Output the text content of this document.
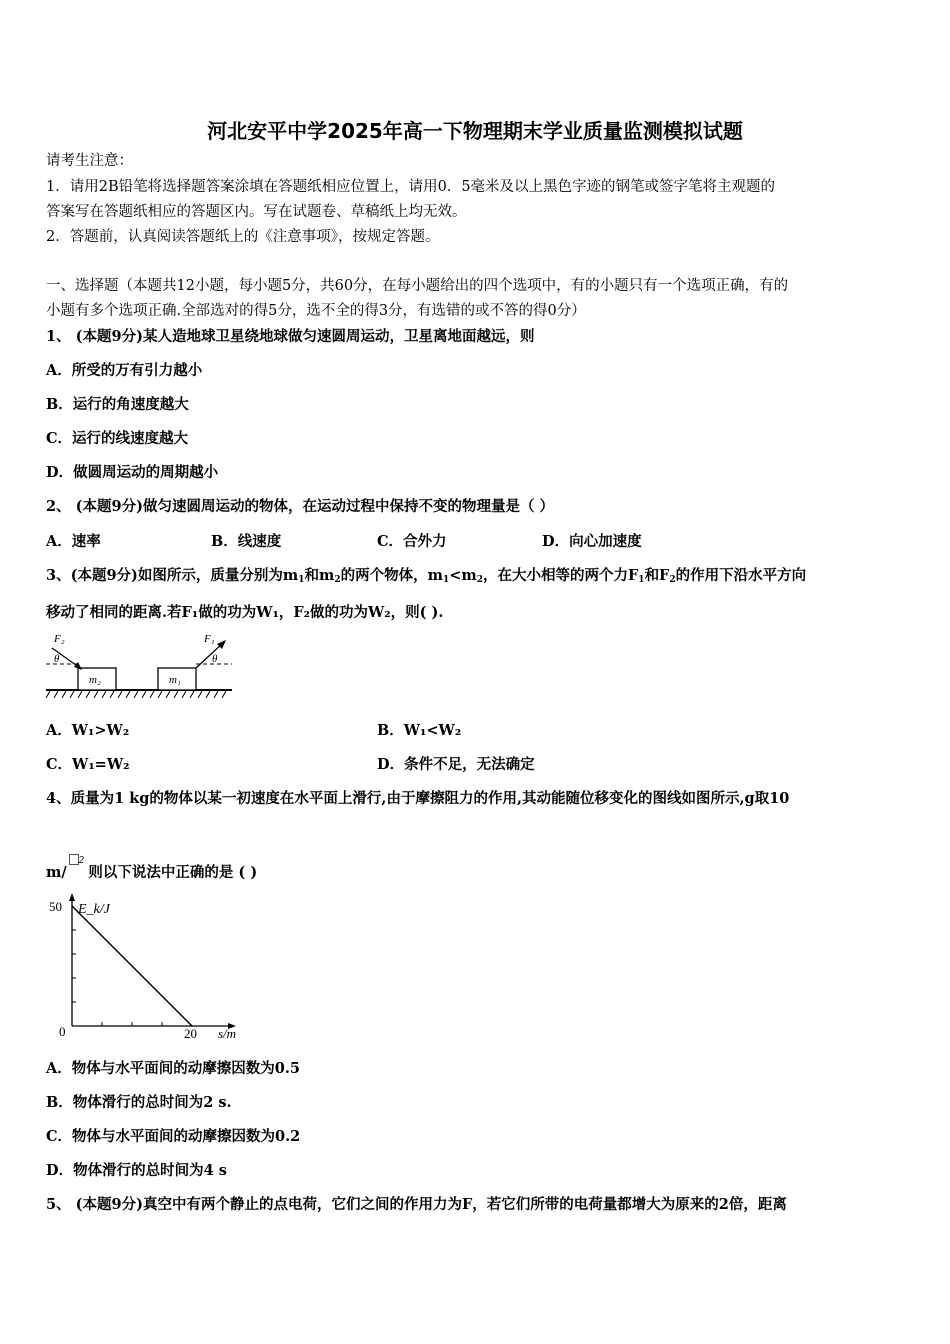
河北安平中学2025年高一下物理期末学业质量监测模拟试题
请考生注意：
1．请用2B铅笔将选择题答案涂填在答题纸相应位置上，请用0．5毫米及以上黑色字迹的钢笔或签字笔将主观题的
答案写在答题纸相应的答题区内。写在试题卷、草稿纸上均无效。
2．答题前，认真阅读答题纸上的《注意事项》，按规定答题。
一、选择题（本题共12小题，每小题5分，共60分，在每小题给出的四个选项中，有的小题只有一个选项正确，有的
小题有多个选项正确.全部选对的得5分，选不全的得3分，有选错的或不答的得0分）
1、 (本题9分)某人造地球卫星绕地球做匀速圆周运动，卫星离地面越远，则
A．所受的万有引力越小
B．运行的角速度越大
C．运行的线速度越大
D．做圆周运动的周期越小
2、 (本题9分)做匀速圆周运动的物体，在运动过程中保持不变的物理量是（ ）
A．速率	B．线速度	C．合外力	D．向心加速度
3、(本题9分)如图所示，质量分别为$m_1$和$m_2$的两个物体，$m_1<m_2$，在大小相等的两个力$F_1$和$F_2$的作用下沿水平方向
移动了相同的距离.若F₁做的功为W₁，F₂做的功为W₂，则( ).
m₂
F₂
θ
m₁
F₁
θ
A．W₁>W₂	B．W₁<W₂
C．W₁=W₂	D．条件不足，无法确定
4、质量为1 kg的物体以某一初速度在水平面上滑行,由于摩擦阻力的作用,其动能随位移变化的图线如图所示,g取10
m/$^2$则以下说法中正确的是 ( )
E_k/J
s/m
0
50
20
A．物体与水平面间的动摩擦因数为0.5
B．物体滑行的总时间为2 s.
C．物体与水平面间的动摩擦因数为0.2
D．物体滑行的总时间为4 s
5、 (本题9分)真空中有两个静止的点电荷，它们之间的作用力为F，若它们所带的电荷量都增大为原来的2倍，距离
